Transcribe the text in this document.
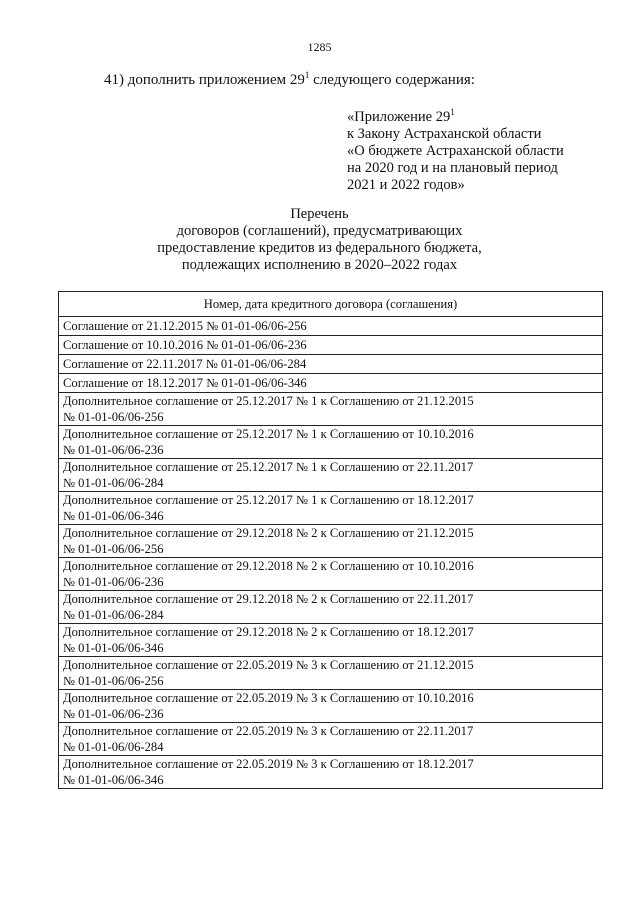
1285
41) дополнить приложением $29^1$ следующего содержания:
«Приложение $29^1$
к Закону Астраханской области
«О бюджете Астраханской области
на 2020 год и на плановый период
2021 и 2022 годов»
Перечень
договоров (соглашений), предусматривающих
предоставление кредитов из федерального бюджета,
подлежащих исполнению в 2020–2022 годах
Номер, дата кредитного договора (соглашения)

Соглашение от 21.12.2015 № 01-01-06/06-256

Соглашение от 10.10.2016 № 01-01-06/06-236

Соглашение от 22.11.2017 № 01-01-06/06-284

Соглашение от 18.12.2017 № 01-01-06/06-346

Дополнительное соглашение от 25.12.2017 № 1 к Соглашению от 21.12.2015
№ 01-01-06/06-256

Дополнительное соглашение от 25.12.2017 № 1 к Соглашению от 10.10.2016
№ 01-01-06/06-236

Дополнительное соглашение от 25.12.2017 № 1 к Соглашению от 22.11.2017
№ 01-01-06/06-284

Дополнительное соглашение от 25.12.2017 № 1 к Соглашению от 18.12.2017
№ 01-01-06/06-346

Дополнительное соглашение от 29.12.2018 № 2 к Соглашению от 21.12.2015
№ 01-01-06/06-256

Дополнительное соглашение от 29.12.2018 № 2 к Соглашению от 10.10.2016
№ 01-01-06/06-236

Дополнительное соглашение от 29.12.2018 № 2 к Соглашению от 22.11.2017
№ 01-01-06/06-284

Дополнительное соглашение от 29.12.2018 № 2 к Соглашению от 18.12.2017
№ 01-01-06/06-346

Дополнительное соглашение от 22.05.2019 № 3 к Соглашению от 21.12.2015
№ 01-01-06/06-256

Дополнительное соглашение от 22.05.2019 № 3 к Соглашению от 10.10.2016
№ 01-01-06/06-236

Дополнительное соглашение от 22.05.2019 № 3 к Соглашению от 22.11.2017
№ 01-01-06/06-284

Дополнительное соглашение от 22.05.2019 № 3 к Соглашению от 18.12.2017
№ 01-01-06/06-346
